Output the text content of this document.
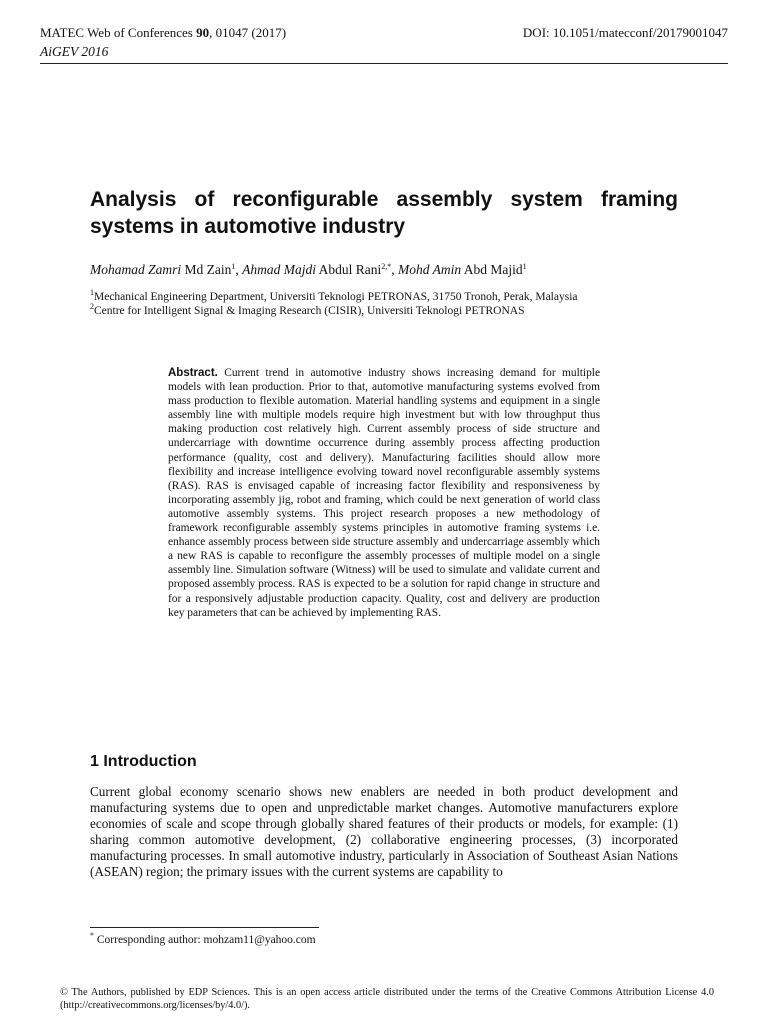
MATEC Web of Conferences 90, 01047 (2017)	DOI: 10.1051/matecconf/20179001047
AiGEV 2016
Analysis of reconfigurable assembly system framing systems in automotive industry
Mohamad Zamri Md Zain$^1$, Ahmad Majdi Abdul Rani$^{2,*}$, Mohd Amin Abd Majid$^1$
$^1$Mechanical Engineering Department, Universiti Teknologi PETRONAS, 31750 Tronoh, Perak, Malaysia
$^2$Centre for Intelligent Signal & Imaging Research (CISIR), Universiti Teknologi PETRONAS

Abstract. Current trend in automotive industry shows increasing demand for multiple models with lean production. Prior to that, automotive manufacturing systems evolved from mass production to flexible automation. Material handling systems and equipment in a single assembly line with multiple models require high investment but with low throughput thus making production cost relatively high. Current assembly process of side structure and undercarriage with downtime occurrence during assembly process affecting production performance (quality, cost and delivery). Manufacturing facilities should allow more flexibility and increase intelligence evolving toward novel reconfigurable assembly systems (RAS). RAS is envisaged capable of increasing factor flexibility and responsiveness by incorporating assembly jig, robot and framing, which could be next generation of world class automotive assembly systems. This project research proposes a new methodology of framework reconfigurable assembly systems principles in automotive framing systems i.e. enhance assembly process between side structure assembly and undercarriage assembly which a new RAS is capable to reconfigure the assembly processes of multiple model on a single assembly line. Simulation software (Witness) will be used to simulate and validate current and proposed assembly process. RAS is expected to be a solution for rapid change in structure and for a responsively adjustable production capacity. Quality, cost and delivery are production key parameters that can be achieved by implementing RAS.

1 Introduction

Current global economy scenario shows new enablers are needed in both product development and manufacturing systems due to open and unpredictable market changes. Automotive manufacturers explore economies of scale and scope through globally shared features of their products or models, for example: (1) sharing common automotive development, (2) collaborative engineering processes, (3) incorporated manufacturing processes. In small automotive industry, particularly in Association of Southeast Asian Nations (ASEAN) region; the primary issues with the current systems are capability to

* Corresponding author: mohzam11@yahoo.com

© The Authors, published by EDP Sciences. This is an open access article distributed under the terms of the Creative Commons Attribution License 4.0 (http://creativecommons.org/licenses/by/4.0/).
